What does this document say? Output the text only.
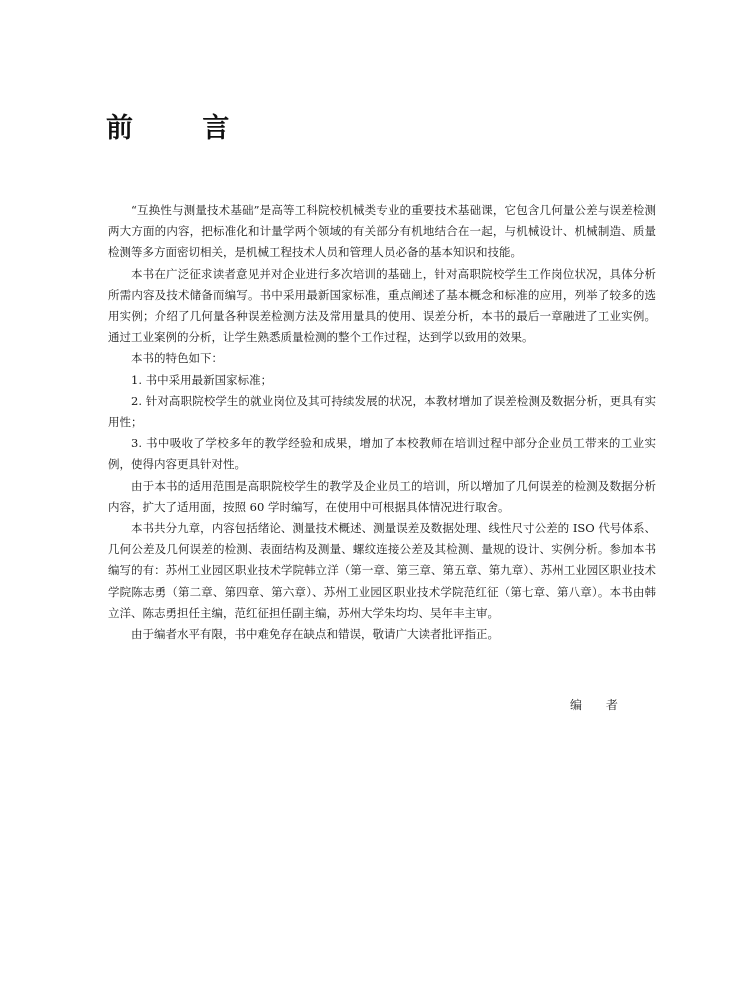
前 言

“互换性与测量技术基础”是高等工科院校机械类专业的重要技术基础课，它包含几何量公差与误差检测两大方面的内容，把标准化和计量学两个领域的有关部分有机地结合在一起，与机械设计、机械制造、质量检测等多方面密切相关，是机械工程技术人员和管理人员必备的基本知识和技能。

本书在广泛征求读者意见并对企业进行多次培训的基础上，针对高职院校学生工作岗位状况，具体分析所需内容及技术储备而编写。书中采用最新国家标准，重点阐述了基本概念和标准的应用，列举了较多的选用实例；介绍了几何量各种误差检测方法及常用量具的使用、误差分析，本书的最后一章融进了工业实例。通过工业案例的分析，让学生熟悉质量检测的整个工作过程，达到学以致用的效果。

本书的特色如下：

1. 书中采用最新国家标准；

2. 针对高职院校学生的就业岗位及其可持续发展的状况，本教材增加了误差检测及数据分析，更具有实用性；

3. 书中吸收了学校多年的教学经验和成果，增加了本校教师在培训过程中部分企业员工带来的工业实例，使得内容更具针对性。

由于本书的适用范围是高职院校学生的教学及企业员工的培训，所以增加了几何误差的检测及数据分析内容，扩大了适用面，按照 60 学时编写，在使用中可根据具体情况进行取舍。

本书共分九章，内容包括绪论、测量技术概述、测量误差及数据处理、线性尺寸公差的 ISO 代号体系、几何公差及几何误差的检测、表面结构及测量、螺纹连接公差及其检测、量规的设计、实例分析。参加本书编写的有：苏州工业园区职业技术学院韩立洋（第一章、第三章、第五章、第九章）、苏州工业园区职业技术学院陈志勇（第二章、第四章、第六章）、苏州工业园区职业技术学院范红征（第七章、第八章）。本书由韩立洋、陈志勇担任主编，范红征担任副主编，苏州大学朱均均、吴年丰主审。

由于编者水平有限，书中难免存在缺点和错误，敬请广大读者批评指正。

编 者
